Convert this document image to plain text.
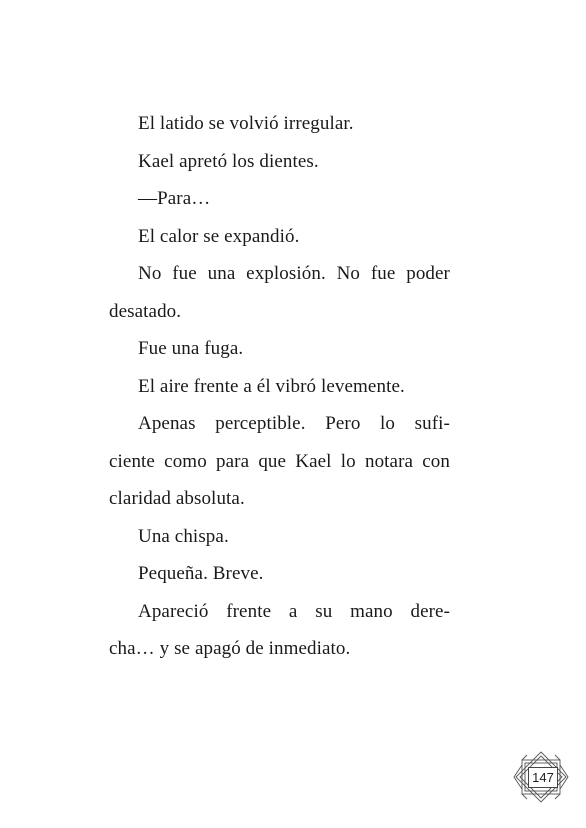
El latido se volvió irregular.
Kael apretó los dientes.
—Para…
El calor se expandió.
No fue una explosión. No fue poder
desatado.
Fue una fuga.
El aire frente a él vibró levemente.
Apenas perceptible. Pero lo sufi-
ciente como para que Kael lo notara con
claridad absoluta.
Una chispa.
Pequeña. Breve.
Apareció frente a su mano dere-
cha… y se apagó de inmediato.
147
